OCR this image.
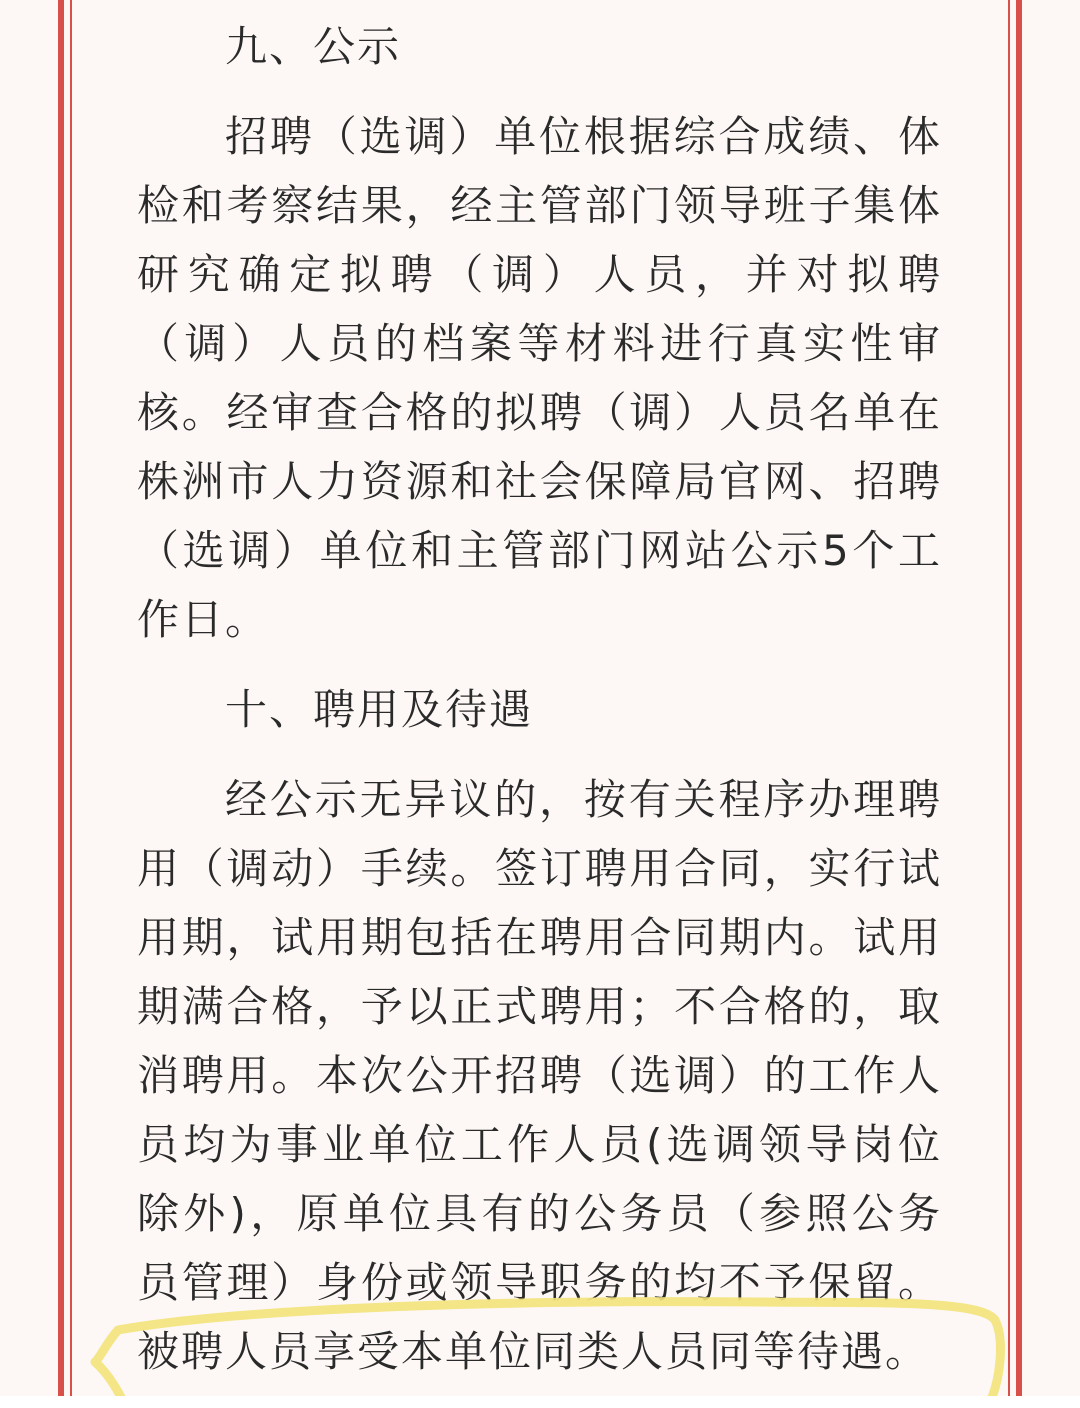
九、公示

招聘（选调）单位根据综合成绩、体检和考察结果，经主管部门领导班子集体研究确定拟聘（调）人员，并对拟聘（调）人员的档案等材料进行真实性审核。经审查合格的拟聘（调）人员名单在株洲市人力资源和社会保障局官网、招聘（选调）单位和主管部门网站公示5个工作日。

十、聘用及待遇

经公示无异议的，按有关程序办理聘用（调动）手续。签订聘用合同，实行试用期，试用期包括在聘用合同期内。试用期满合格，予以正式聘用；不合格的，取消聘用。本次公开招聘（选调）的工作人员均为事业单位工作人员(选调领导岗位除外)，原单位具有的公务员（参照公务员管理）身份或领导职务的均不予保留。被聘人员享受本单位同类人员同等待遇。
